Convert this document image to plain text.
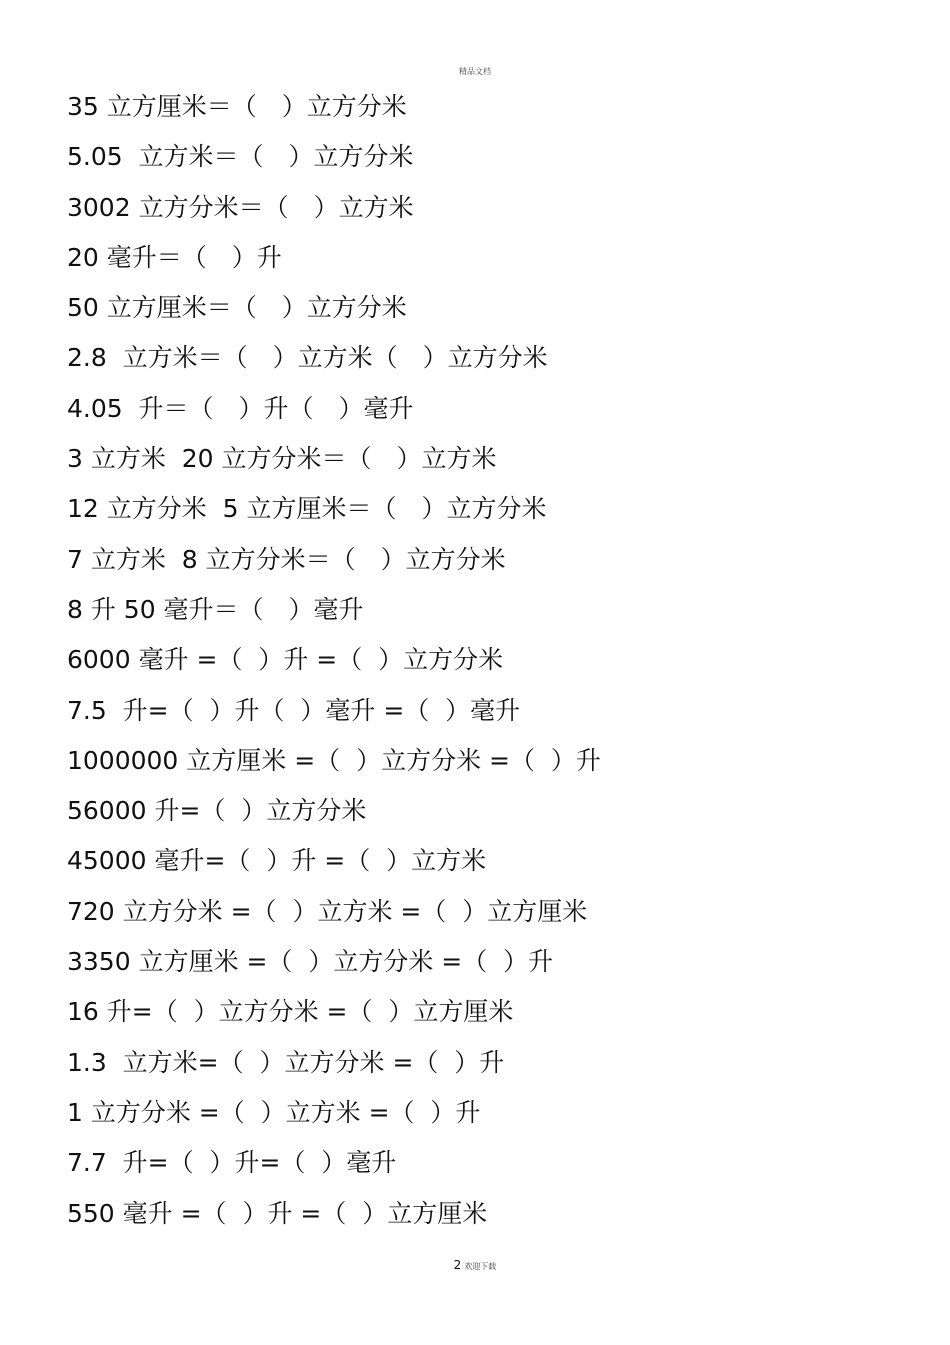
精品文档
35 立方厘米＝（　）立方分米
5.05  立方米＝（　）立方分米
3002 立方分米＝（　）立方米
20 毫升＝（　）升
50 立方厘米＝（　）立方分米
2.8  立方米＝（　）立方米（　）立方分米
4.05  升＝（　）升（　）毫升
3 立方米  20 立方分米＝（　）立方米
12 立方分米  5 立方厘米＝（　）立方分米
7 立方米  8 立方分米＝（　）立方分米
8 升 50 毫升＝（　）毫升
6000 毫升 =（  ）升 =（  ）立方分米
7.5  升=（  ）升（  ）毫升 =（  ）毫升
1000000 立方厘米 =（  ）立方分米 =（  ）升
56000 升=（  ）立方分米
45000 毫升=（  ）升 =（  ）立方米
720 立方分米 =（  ）立方米 =（  ）立方厘米
3350 立方厘米 =（  ）立方分米 =（  ）升
16 升=（  ）立方分米 =（  ）立方厘米
1.3  立方米=（  ）立方分米 =（  ）升
1 立方分米 =（  ）立方米 =（  ）升
7.7  升=（  ）升=（  ）毫升
550 毫升 =（  ）升 =（  ）立方厘米
2 欢迎下载
